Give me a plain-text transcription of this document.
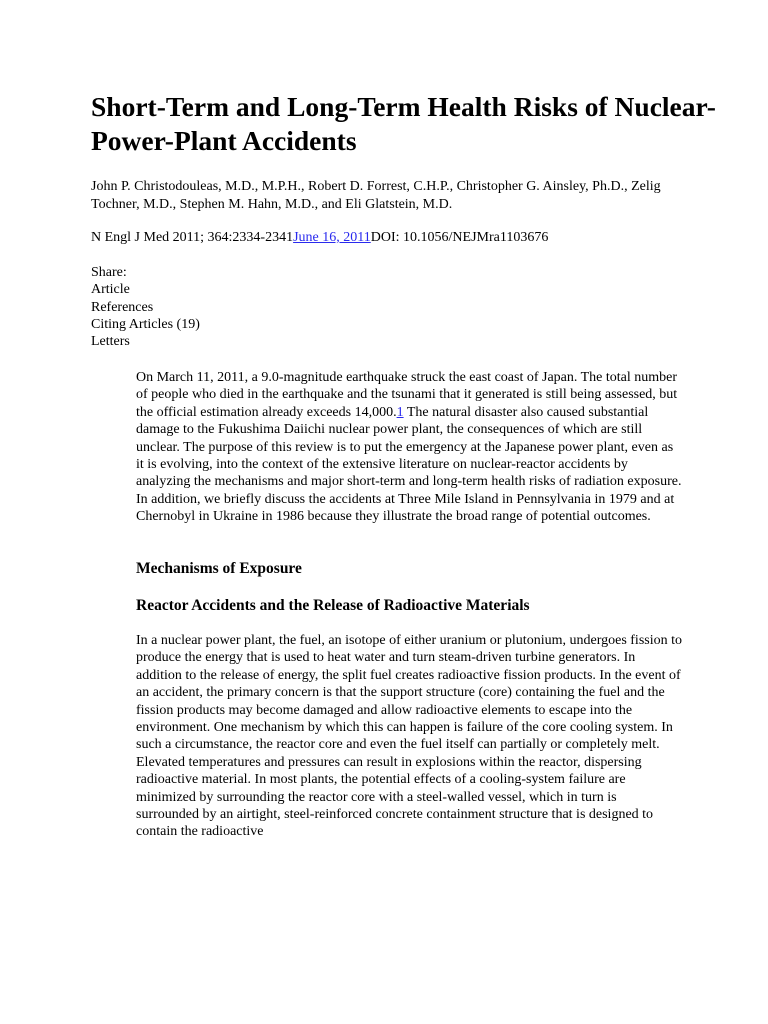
Short-Term and Long-Term Health Risks of Nuclear-Power-Plant Accidents

John P. Christodouleas, M.D., M.P.H., Robert D. Forrest, C.H.P., Christopher G. Ainsley, Ph.D., Zelig Tochner, M.D., Stephen M. Hahn, M.D., and Eli Glatstein, M.D.

N Engl J Med 2011; 364:2334-2341June 16, 2011DOI: 10.1056/NEJMra1103676

Share:
Article
References
Citing Articles (19)
Letters

On March 11, 2011, a 9.0-magnitude earthquake struck the east coast of Japan. The total number of people who died in the earthquake and the tsunami that it generated is still being assessed, but the official estimation already exceeds 14,000.1 The natural disaster also caused substantial damage to the Fukushima Daiichi nuclear power plant, the consequences of which are still unclear. The purpose of this review is to put the emergency at the Japanese power plant, even as it is evolving, into the context of the extensive literature on nuclear-reactor accidents by analyzing the mechanisms and major short-term and long-term health risks of radiation exposure. In addition, we briefly discuss the accidents at Three Mile Island in Pennsylvania in 1979 and at Chernobyl in Ukraine in 1986 because they illustrate the broad range of potential outcomes.

Mechanisms of Exposure
Reactor Accidents and the Release of Radioactive Materials

In a nuclear power plant, the fuel, an isotope of either uranium or plutonium, undergoes fission to produce the energy that is used to heat water and turn steam-driven turbine generators. In addition to the release of energy, the split fuel creates radioactive fission products. In the event of an accident, the primary concern is that the support structure (core) containing the fuel and the fission products may become damaged and allow radioactive elements to escape into the environment. One mechanism by which this can happen is failure of the core cooling system. In such a circumstance, the reactor core and even the fuel itself can partially or completely melt. Elevated temperatures and pressures can result in explosions within the reactor, dispersing radioactive material. In most plants, the potential effects of a cooling-system failure are minimized by surrounding the reactor core with a steel-walled vessel, which in turn is surrounded by an airtight, steel-reinforced concrete containment structure that is designed to contain the radioactive
